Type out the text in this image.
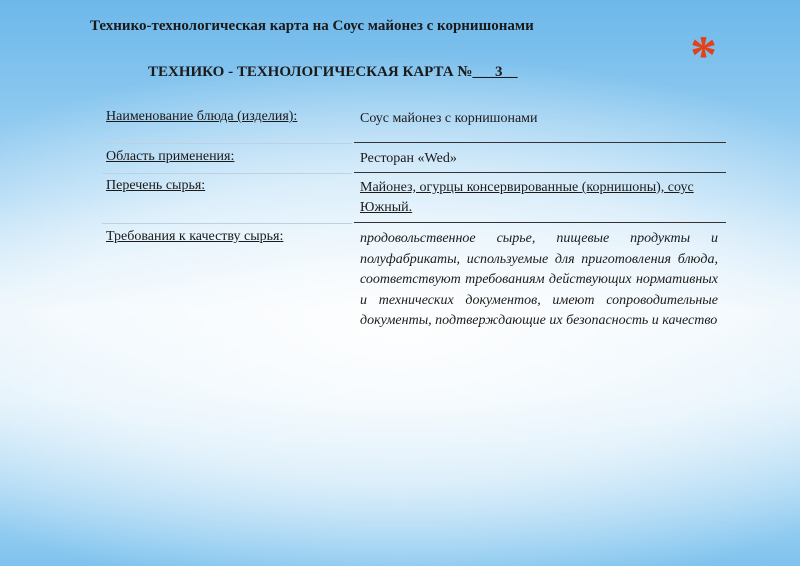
Технико-технологическая карта на Соус майонез с корнишонами	*
ТЕХНИКО - ТЕХНОЛОГИЧЕСКАЯ КАРТА №___3__
Наименование блюда (изделия):	Соус майонез с корнишонами
Область применения:	Ресторан «Wed»
Перечень сырья:	Майонез, огурцы консервированные (корнишоны), соус Южный.
Требования к качеству сырья:	продовольственное сырье, пищевые продукты и полуфабрикаты, используемые для приготовления блюда, соответствуют требованиям действующих нормативных и технических документов, имеют сопроводительные документы, подтверждающие их безопасность и качество
